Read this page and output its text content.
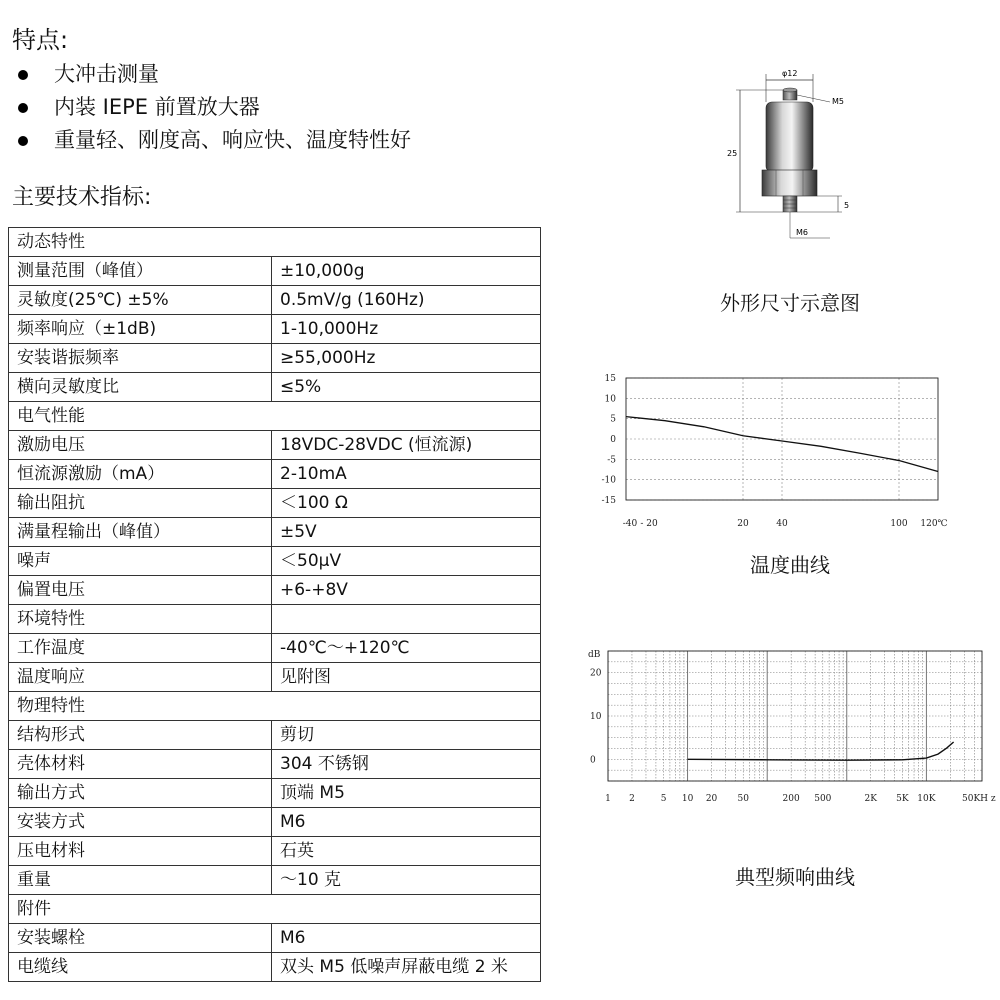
特点:
大冲击测量
内装 IEPE 前置放大器
重量轻、刚度高、响应快、温度特性好
主要技术指标:
动态特性	
测量范围（峰值）	±10,000g
灵敏度(25℃) ±5%	0.5mV/g (160Hz)
频率响应（±1dB)	1-10,000Hz
安装谐振频率	≥55,000Hz
横向灵敏度比	≤5%
电气性能	
激励电压	18VDC-28VDC (恒流源)
恒流源激励（mA）	2-10mA
输出阻抗	＜100 Ω
满量程输出（峰值）	±5V
噪声	＜50μV
偏置电压	+6-+8V
环境特性	
工作温度	-40℃～+120℃
温度响应	见附图
物理特性	
结构形式	剪切
壳体材料	304 不锈钢
输出方式	顶端 M5
安装方式	M6
压电材料	石英
重量	～10 克
附件	
安装螺栓	M6
电缆线	双头 M5 低噪声屏蔽电缆 2 米
φ12
M5
25
5
M6
外形尺寸示意图
15
10
5
0
-5
-10
-15
-40 - 20	20	40	100 120℃
温度曲线
dB
20
10
0
1 2	5 10 20 50	200 500	2K 5K 10K	50KH z
典型频响曲线
